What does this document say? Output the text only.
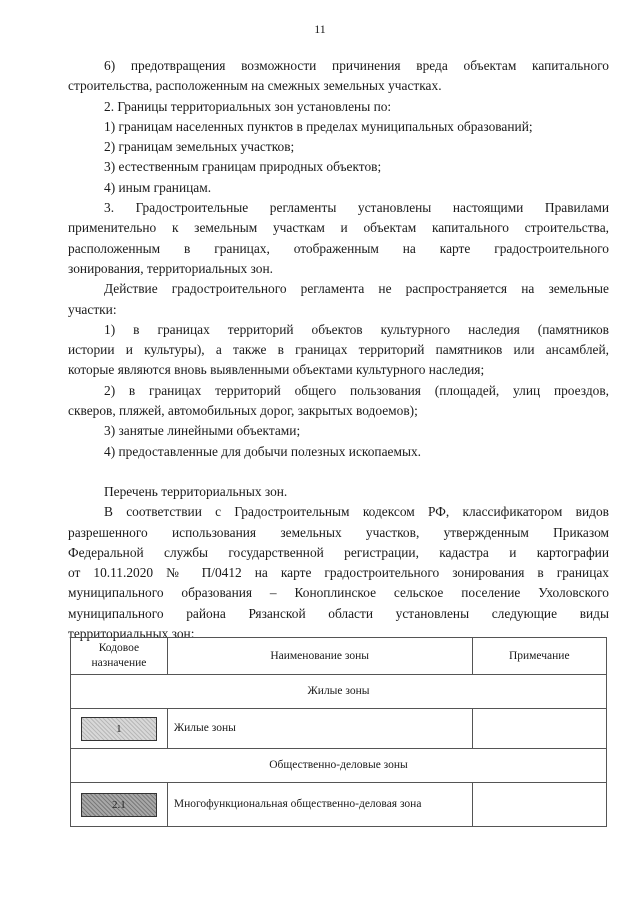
11
6) предотвращения возможности причинения вреда объектам капитального
строительства, расположенным на смежных земельных участках.
2. Границы территориальных зон установлены по:
1) границам населенных пунктов в пределах муниципальных образований;
2) границам земельных участков;
3) естественным границам природных объектов;
4) иным границам.
3. Градостроительные регламенты установлены настоящими Правилами
применительно к земельным участкам и объектам капитального строительства,
расположенным в границах, отображенным на карте градостроительного
зонирования, территориальных зон.
Действие градостроительного регламента не распространяется на земельные
участки:
1) в границах территорий объектов культурного наследия (памятников
истории и культуры), а также в границах территорий памятников или ансамблей,
которые являются вновь выявленными объектами культурного наследия;
2) в границах территорий общего пользования (площадей, улиц проездов,
скверов, пляжей, автомобильных дорог, закрытых водоемов);
3) занятые линейными объектами;
4) предоставленные для добычи полезных ископаемых.
Перечень территориальных зон.
В соответствии с Градостроительным кодексом РФ, классификатором видов
разрешенного использования земельных участков, утвержденным Приказом
Федеральной службы государственной регистрации, кадастра и картографии
от 10.11.2020 № П/0412 на карте градостроительного зонирования в границах
муниципального образования – Коноплинское сельское поселение Ухоловского
муниципального района Рязанской области установлены следующие виды
территориальных зон:
Кодовое
назначение	Наименование зоны	Примечание
Жилые зоны		
1	Жилые зоны	
Общественно-деловые зоны		
2.1	Многофункциональная общественно-деловая зона	
